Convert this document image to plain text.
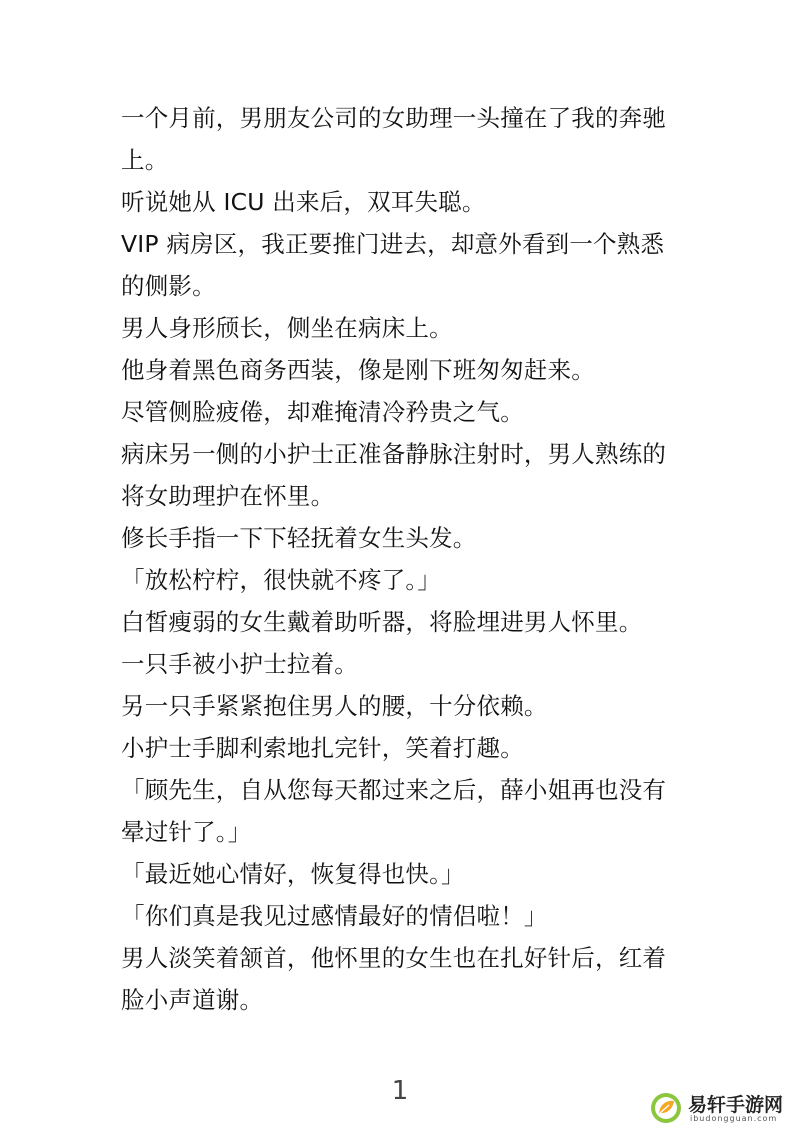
一个月前，男朋友公司的女助理一头撞在了我的奔驰
上。
听说她从 ICU 出来后，双耳失聪。
VIP 病房区，我正要推门进去，却意外看到一个熟悉
的侧影。
男人身形颀长，侧坐在病床上。
他身着黑色商务西装，像是刚下班匆匆赶来。
尽管侧脸疲倦，却难掩清冷矜贵之气。
病床另一侧的小护士正准备静脉注射时，男人熟练的
将女助理护在怀里。
修长手指一下下轻抚着女生头发。
「放松柠柠，很快就不疼了。」
白皙瘦弱的女生戴着助听器，将脸埋进男人怀里。
一只手被小护士拉着。
另一只手紧紧抱住男人的腰，十分依赖。
小护士手脚利索地扎完针，笑着打趣。
「顾先生，自从您每天都过来之后，薛小姐再也没有
晕过针了。」
「最近她心情好，恢复得也快。」
「你们真是我见过感情最好的情侣啦！」
男人淡笑着颔首，他怀里的女生也在扎好针后，红着
脸小声道谢。
1	易轩手游网
ibudongguan.com
